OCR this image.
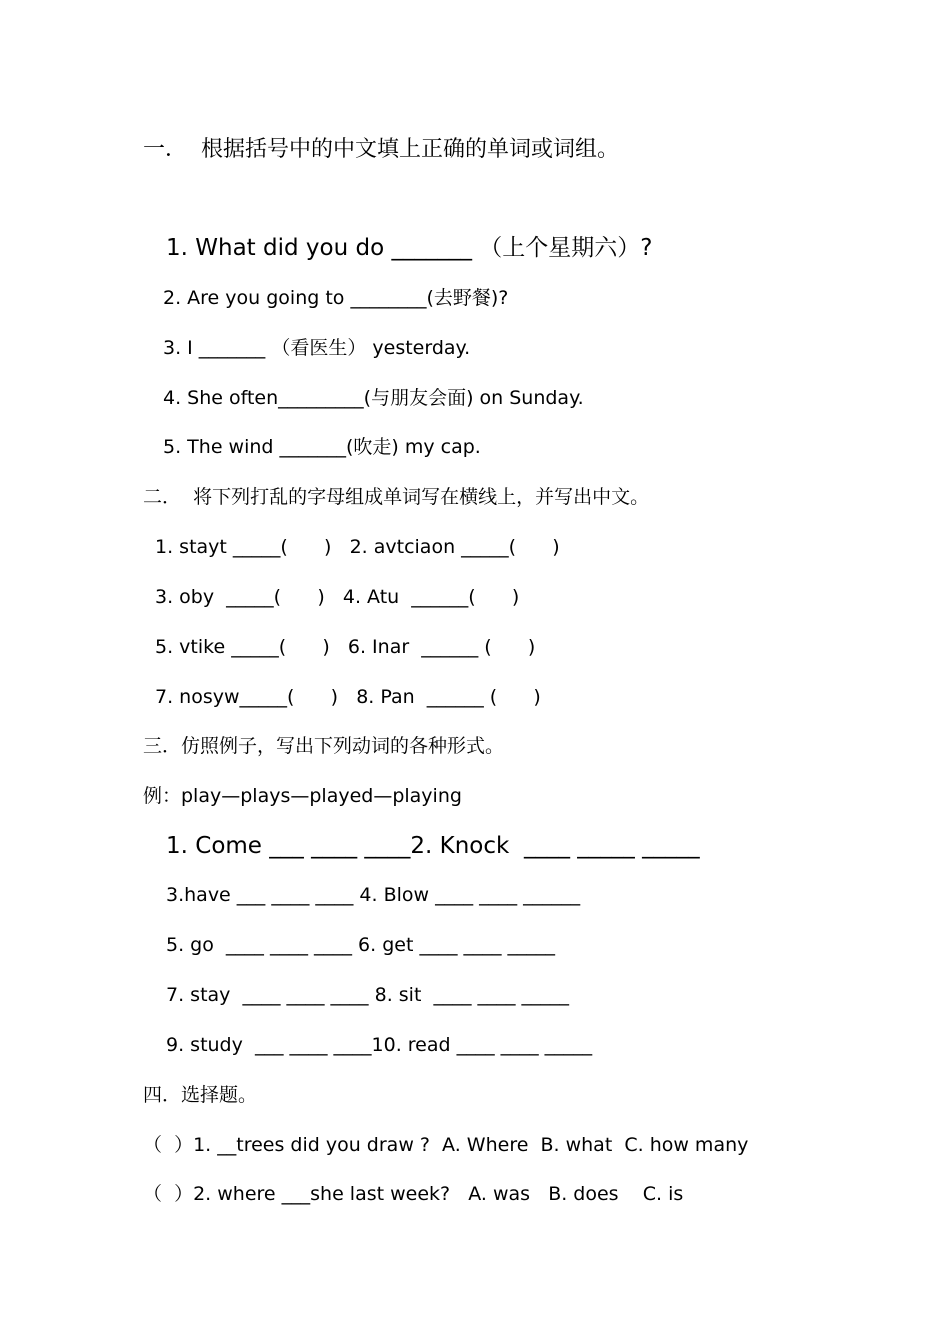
一．  根据括号中的中文填上正确的单词或词组。
1. What did you do _______ （上个星期六）?
2. Are you going to ________(去野餐)?
3. I _______ （看医生） yesterday.
4. She often_________(与朋友会面) on Sunday.
5. The wind _______(吹走) my cap.
二．  将下列打乱的字母组成单词写在横线上，并写出中文。
1. stayt _____(      )   2. avtciaon _____(      )
3. oby  _____(      )   4. Atu  ______(      )
5. vtike _____(      )   6. Inar  ______ (      )
7. nosyw_____(      )   8. Pan  ______ (      )
三．仿照例子，写出下列动词的各种形式。
例：play—plays—played—playing
1. Come ___ ____ ____2. Knock  ____ _____ _____
3.have ___ ____ ____ 4. Blow ____ ____ ______
5. go  ____ ____ ____ 6. get ____ ____ _____
7. stay  ____ ____ ____ 8. sit  ____ ____ _____
9. study  ___ ____ ____10. read ____ ____ _____
四．选择题。
（  ）1. __trees did you draw ?  A. Where  B. what  C. how many
（  ）2. where ___she last week?   A. was   B. does    C. is
